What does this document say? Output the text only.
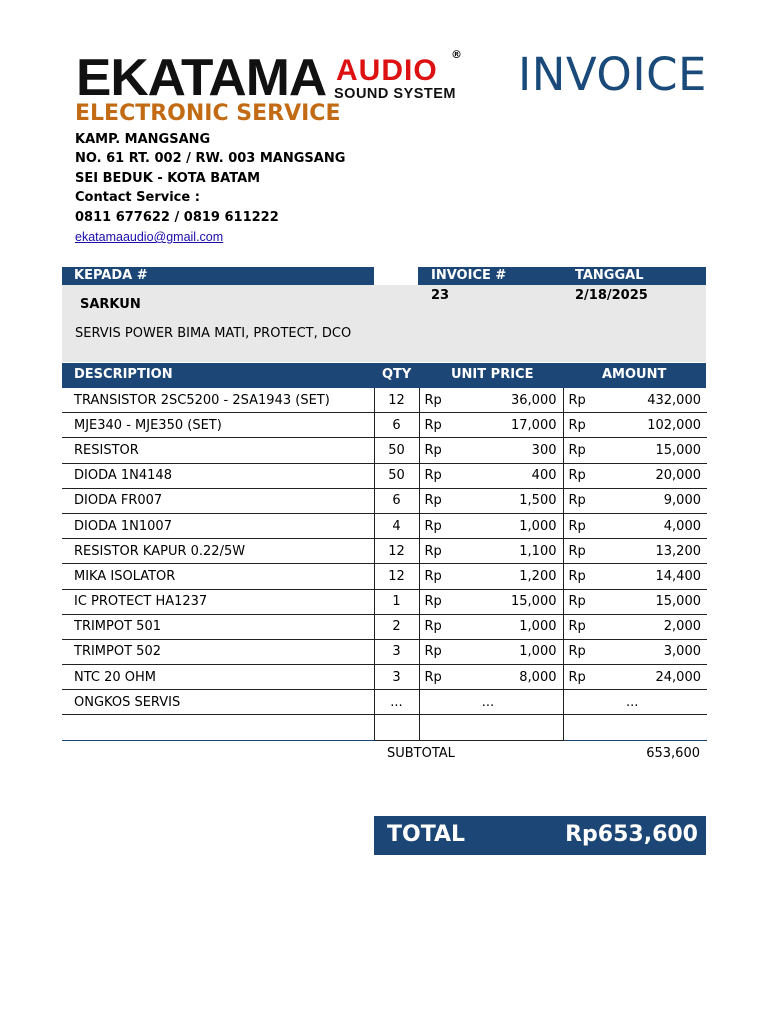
EKATAMA AUDIO ®
SOUND SYSTEM INVOICE
ELECTRONIC SERVICE
KAMP. MANGSANG
NO. 61 RT. 002 / RW. 003 MANGSANG
SEI BEDUK - KOTA BATAM
Contact Service :
0811 677622 / 0819 611222
ekatamaaudio@gmail.com
KEPADA #	INVOICE #	TANGGAL
SARKUN
SERVIS POWER BIMA MATI, PROTECT, DCO
23	2/18/2025
DESCRIPTION	QTY	UNIT PRICE	AMOUNT
TRANSISTOR 2SC5200 - 2SA1943 (SET)	12	Rp	36,000	Rp	432,000
MJE340 - MJE350 (SET)	6	Rp	17,000	Rp	102,000
RESISTOR	50	Rp	300	Rp	15,000
DIODA 1N4148	50	Rp	400	Rp	20,000
DIODA FR007	6	Rp	1,500	Rp	9,000
DIODA 1N1007	4	Rp	1,000	Rp	4,000
RESISTOR KAPUR 0.22/5W	12	Rp	1,100	Rp	13,200
MIKA ISOLATOR	12	Rp	1,200	Rp	14,400
IC PROTECT HA1237	1	Rp	15,000	Rp	15,000
TRIMPOT 501	2	Rp	1,000	Rp	2,000
TRIMPOT 502	3	Rp	1,000	Rp	3,000
NTC 20 OHM	3	Rp	8,000	Rp	24,000
ONGKOS SERVIS	...	...		...	

SUBTOTAL	653,600
TOTAL	Rp653,600
